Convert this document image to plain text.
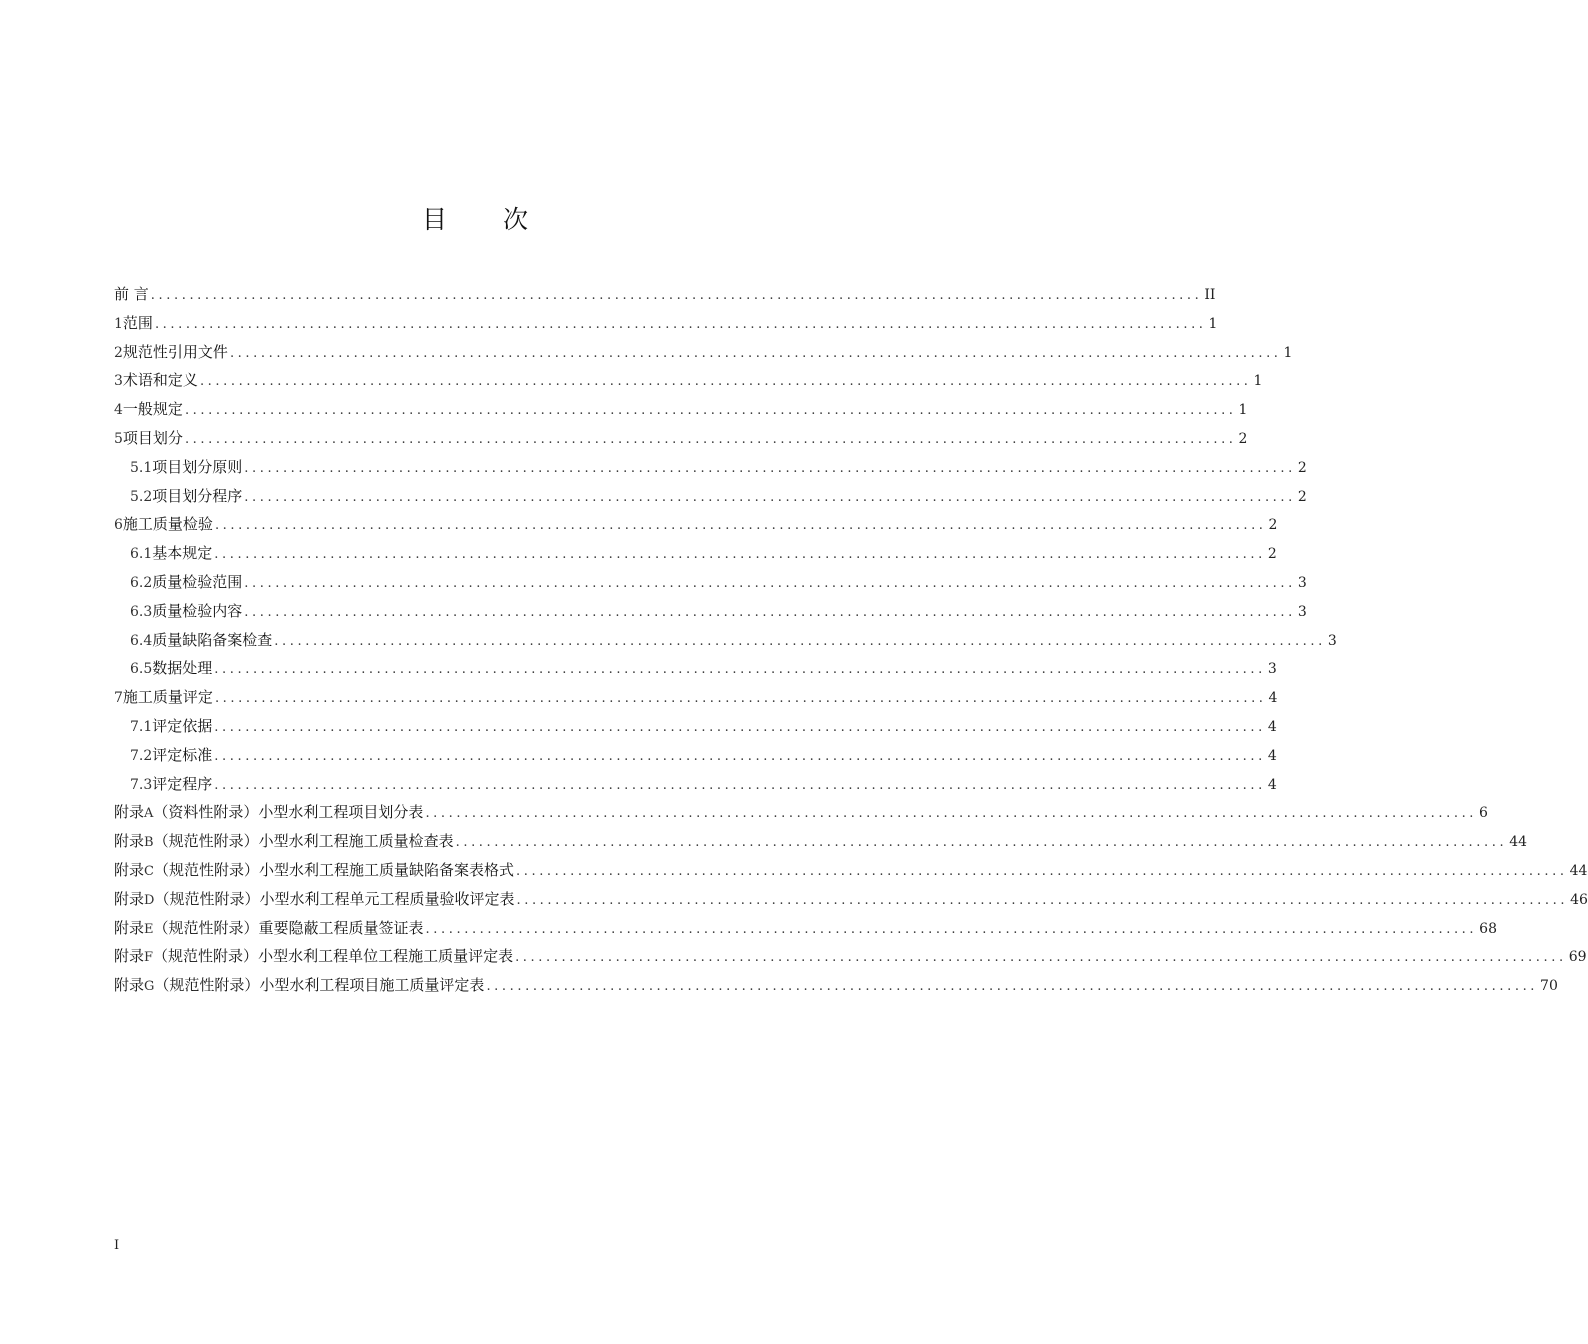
目 次
前 言 ........................................................................................................................................ II
1 范围 ........................................................................................................................................ 1
2 规范性引用文件 ........................................................................................................................................ 1
3 术语和定义 ........................................................................................................................................ 1
4 一般规定 ........................................................................................................................................ 1
5 项目划分 ........................................................................................................................................ 2
5.1 项目划分原则 ........................................................................................................................................ 2
5.2 项目划分程序 ........................................................................................................................................ 2
6 施工质量检验 ........................................................................................................................................ 2
6.1 基本规定 ........................................................................................................................................ 2
6.2 质量检验范围 ........................................................................................................................................ 3
6.3 质量检验内容 ........................................................................................................................................ 3
6.4 质量缺陷备案检查 ........................................................................................................................................ 3
6.5 数据处理 ........................................................................................................................................ 3
7 施工质量评定 ........................................................................................................................................ 4
7.1 评定依据 ........................................................................................................................................ 4
7.2 评定标准 ........................................................................................................................................ 4
7.3 评定程序 ........................................................................................................................................ 4
附录A（资料性附录） 小型水利工程项目划分表 ........................................................................................................................................ 6
附录B（规范性附录） 小型水利工程施工质量检查表 ........................................................................................................................................ 44
附录C（规范性附录） 小型水利工程施工质量缺陷备案表格式 ........................................................................................................................................ 44
附录D（规范性附录） 小型水利工程单元工程质量验收评定表 ........................................................................................................................................ 46
附录E（规范性附录） 重要隐蔽工程质量签证表 ........................................................................................................................................ 68
附录F（规范性附录） 小型水利工程单位工程施工质量评定表 ........................................................................................................................................ 69
附录G（规范性附录） 小型水利工程项目施工质量评定表 ........................................................................................................................................ 70
I
